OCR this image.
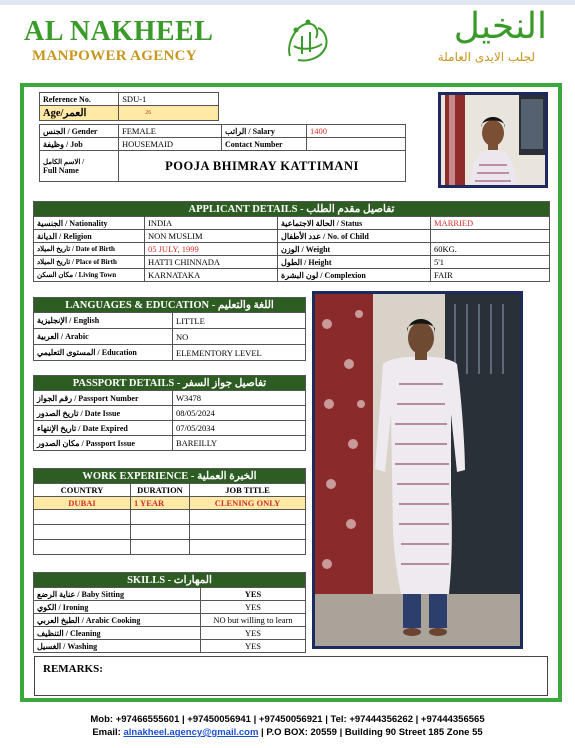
AL NAKHEEL
MANPOWER AGENCY
النخيل
لجلب الايدى العاملة
Reference No.	SDU-1
Age/العمر	26
الجنس / Gender	FEMALE	الراتب / Salary	1400
وظيفة / Job	HOUSEMAID	Contact Number	

الاسم الكامل /
Full Name	POOJA BHIMRAY KATTIMANI		
APPLICANT DETAILS - تفاصيل مقدم الطلب			
الجنسية / Nationality	INDIA	الحالة الاجتماعية / Status	MARRIED
الديانة / Religion	NON MUSLIM	عدد الأطفال / No. of Child	
تاريخ الميلاد / Date of Birth	05 JULY, 1999	الوزن / Weight	60KG.
تاريخ الميلاد / Place of Birth	HATTI CHINNADA	الطول / Height	5'1
مكان السكن / Living Town	KARNATAKA	لون البشرة / Complexion	FAIR
LANGUAGES & EDUCATION - اللغة والتعليم	
الإنجليزية / English	LITTLE
العربية / Arabic	NO
المستوى التعليمي / Education	ELEMENTORY LEVEL
PASSPORT DETAILS - تفاصيل جواز السفر	
رقم الجواز / Passport Number	W3478
تاريخ الصدور / Date Issue	08/05/2024
تاريخ الإنتهاء / Date Expired	07/05/2034
مكان الصدور / Passport Issue	BAREILLY
WORK EXPERIENCE - الخبرة العملية		
COUNTRY	DURATION	JOB TITLE
DUBAI	1 YEAR	CLENING ONLY

SKILLS - المهارات	
عناية الرضع / Baby Sitting	YES
الكوي / Ironing	YES
الطبخ العربي / Arabic Cooking	NO but willing to learn
التنظيف / Cleaning	YES
الغسيل / Washing	YES
REMARKS:
Mob: +97466555601 | +97450056941 | +97450056921 | Tel: +97444356262 | +97444356565
Email: alnakheel.agency@gmail.com | P.O BOX: 20559 | Building 90 Street 185 Zone 55
